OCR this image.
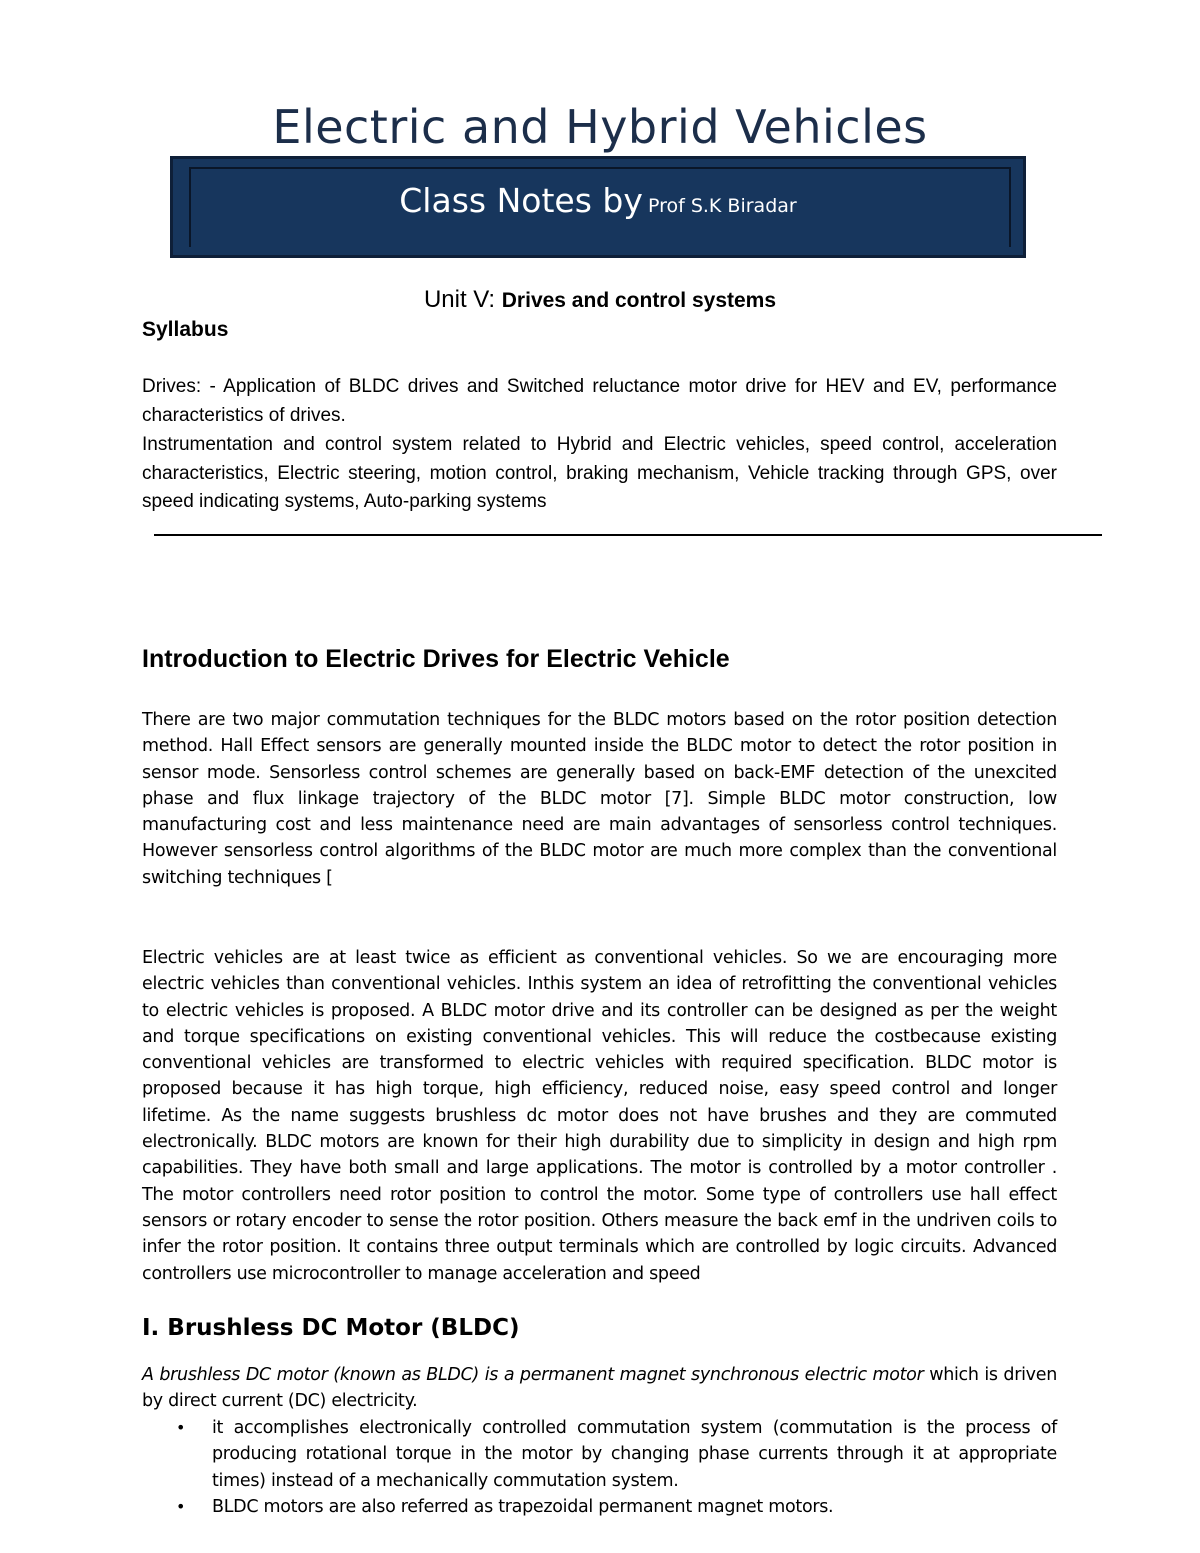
Electric and Hybrid Vehicles
Class Notes by Prof S.K Biradar
Unit V: Drives and control systems
Syllabus
Drives: - Application of BLDC drives and Switched reluctance motor drive for HEV and EV, performance characteristics of drives.
Instrumentation and control system related to Hybrid and Electric vehicles, speed control, acceleration characteristics, Electric steering, motion control, braking mechanism, Vehicle tracking through GPS, over speed indicating systems, Auto-parking systems
Introduction to Electric Drives for Electric Vehicle
There are two major commutation techniques for the BLDC motors based on the rotor position detection method. Hall Effect sensors are generally mounted inside the BLDC motor to detect the rotor position in sensor mode. Sensorless control schemes are generally based on back-EMF detection of the unexcited phase and flux linkage trajectory of the BLDC motor [7]. Simple BLDC motor construction, low manufacturing cost and less maintenance need are main advantages of sensorless control techniques. However sensorless control algorithms of the BLDC motor are much more complex than the conventional switching techniques [
Electric vehicles are at least twice as efficient as conventional vehicles. So we are encouraging more electric vehicles than conventional vehicles. Inthis system an idea of retrofitting the conventional vehicles to electric vehicles is proposed. A BLDC motor drive and its controller can be designed as per the weight and torque specifications on existing conventional vehicles. This will reduce the costbecause existing conventional vehicles are transformed to electric vehicles with required specification. BLDC motor is proposed because it has high torque, high efficiency, reduced noise, easy speed control and longer lifetime. As the name suggests brushless dc motor does not have brushes and they are commuted electronically. BLDC motors are known for their high durability due to simplicity in design and high rpm capabilities. They have both small and large applications. The motor is controlled by a motor controller . The motor controllers need rotor position to control the motor. Some type of controllers use hall effect sensors or rotary encoder to sense the rotor position. Others measure the back emf in the undriven coils to infer the rotor position. It contains three output terminals which are controlled by logic circuits. Advanced controllers use microcontroller to manage acceleration and speed
I. Brushless DC Motor (BLDC)
A brushless DC motor (known as BLDC) is a permanent magnet synchronous electric motor which is driven by direct current (DC) electricity.
• it accomplishes electronically controlled commutation system (commutation is the process of producing rotational torque in the motor by changing phase currents through it at appropriate times) instead of a mechanically commutation system.
• BLDC motors are also referred as trapezoidal permanent magnet motors.
